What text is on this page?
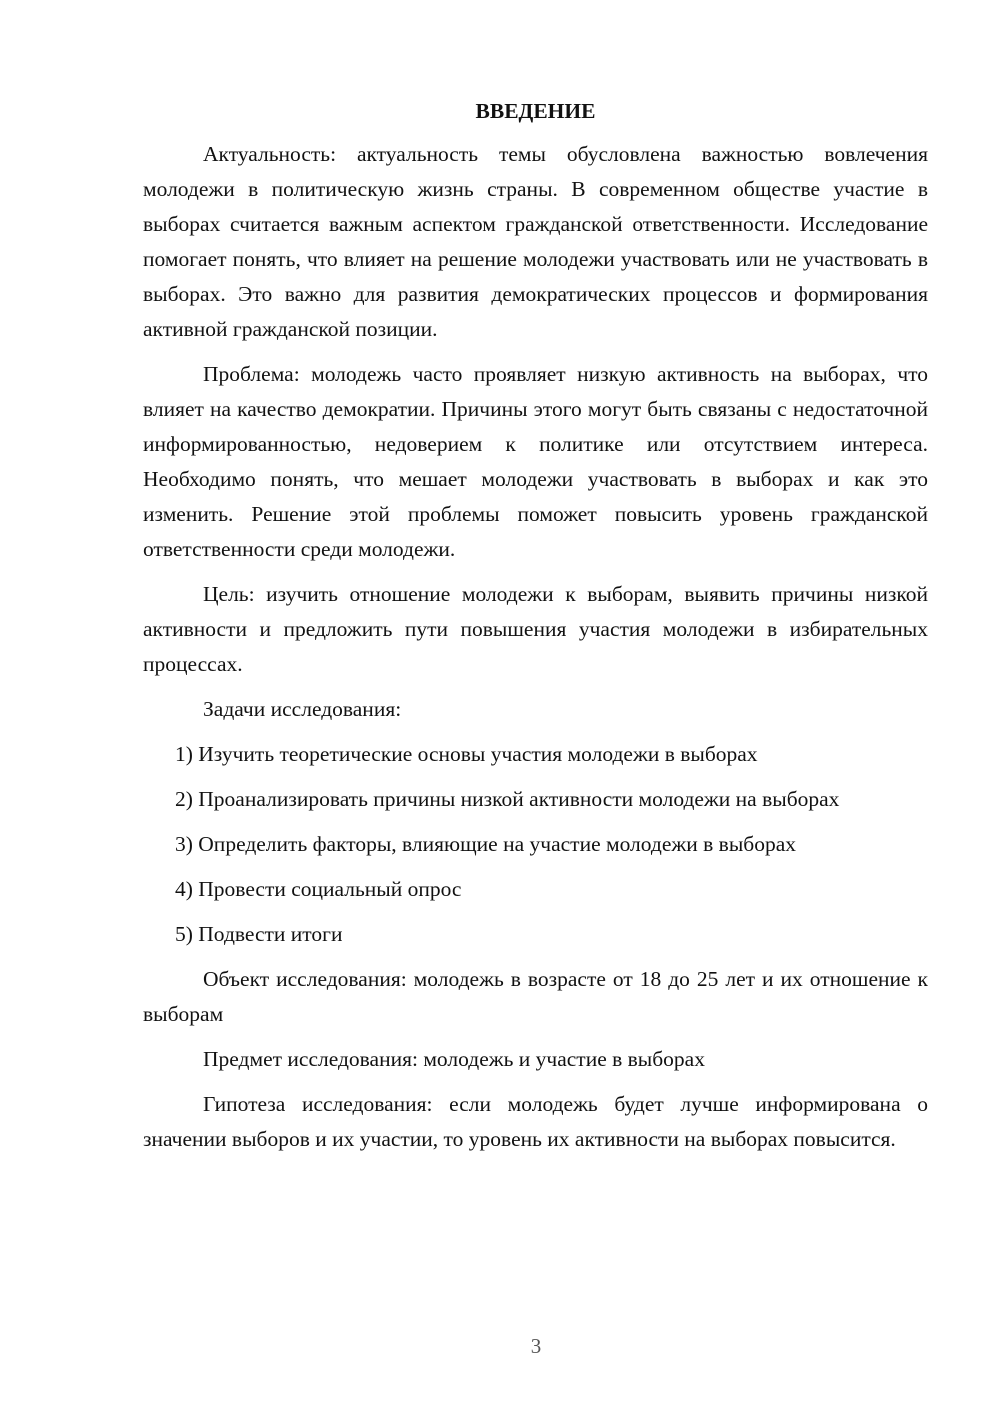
ВВЕДЕНИЕ

Актуальность: актуальность темы обусловлена важностью вовлечения молодежи в политическую жизнь страны. В современном обществе участие в выборах считается важным аспектом гражданской ответственности. Исследование помогает понять, что влияет на решение молодежи участвовать или не участвовать в выборах. Это важно для развития демократических процессов и формирования активной гражданской позиции.

Проблема: молодежь часто проявляет низкую активность на выборах, что влияет на качество демократии. Причины этого могут быть связаны с недостаточной информированностью, недоверием к политике или отсутствием интереса. Необходимо понять, что мешает молодежи участвовать в выборах и как это изменить. Решение этой проблемы поможет повысить уровень гражданской ответственности среди молодежи.

Цель: изучить отношение молодежи к выборам, выявить причины низкой активности и предложить пути повышения участия молодежи в избирательных процессах.

Задачи исследования:

1) Изучить теоретические основы участия молодежи в выборах

2) Проанализировать причины низкой активности молодежи на выборах

3) Определить факторы, влияющие на участие молодежи в выборах

4) Провести социальный опрос

5) Подвести итоги

Объект исследования: молодежь в возрасте от 18 до 25 лет и их отношение к выборам

Предмет исследования: молодежь и участие в выборах

Гипотеза исследования: если молодежь будет лучше информирована о значении выборов и их участии, то уровень их активности на выборах повысится.

3
